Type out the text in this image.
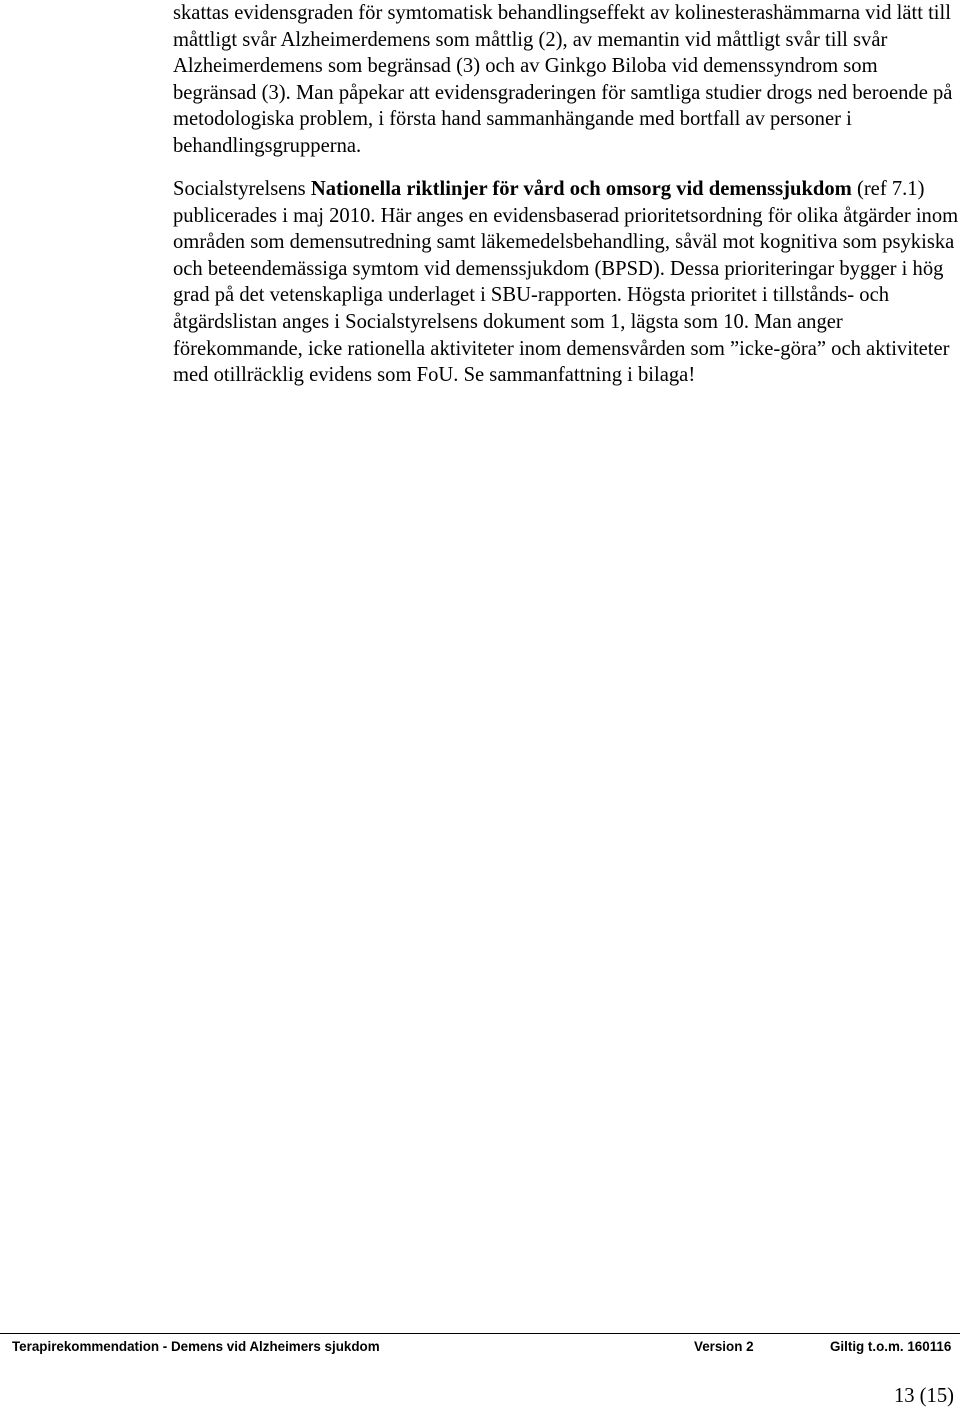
skattas evidensgraden för symtomatisk behandlingseffekt av kolinesterashämmarna vid lätt till måttligt svår Alzheimerdemens som måttlig (2), av memantin vid måttligt svår till svår Alzheimerdemens som begränsad (3) och av Ginkgo Biloba vid demenssyndrom som begränsad (3). Man påpekar att evidensgraderingen för samtliga studier drogs ned beroende på metodologiska problem, i första hand sammanhängande med bortfall av personer i behandlingsgrupperna.

Socialstyrelsens Nationella riktlinjer för vård och omsorg vid demenssjukdom (ref 7.1) publicerades i maj 2010. Här anges en evidensbaserad prioritetsordning för olika åtgärder inom områden som demensutredning samt läkemedelsbehandling, såväl mot kognitiva som psykiska och beteendemässiga symtom vid demenssjukdom (BPSD). Dessa prioriteringar bygger i hög grad på det vetenskapliga underlaget i SBU-rapporten. Högsta prioritet i tillstånds- och åtgärdslistan anges i Socialstyrelsens dokument som 1, lägsta som 10. Man anger förekommande, icke rationella aktiviteter inom demensvården som ”icke-göra” och aktiviteter med otillräcklig evidens som FoU. Se sammanfattning i bilaga!

Terapirekommendation - Demens vid Alzheimers sjukdom	Version 2	Giltig t.o.m. 160116
13 (15)
